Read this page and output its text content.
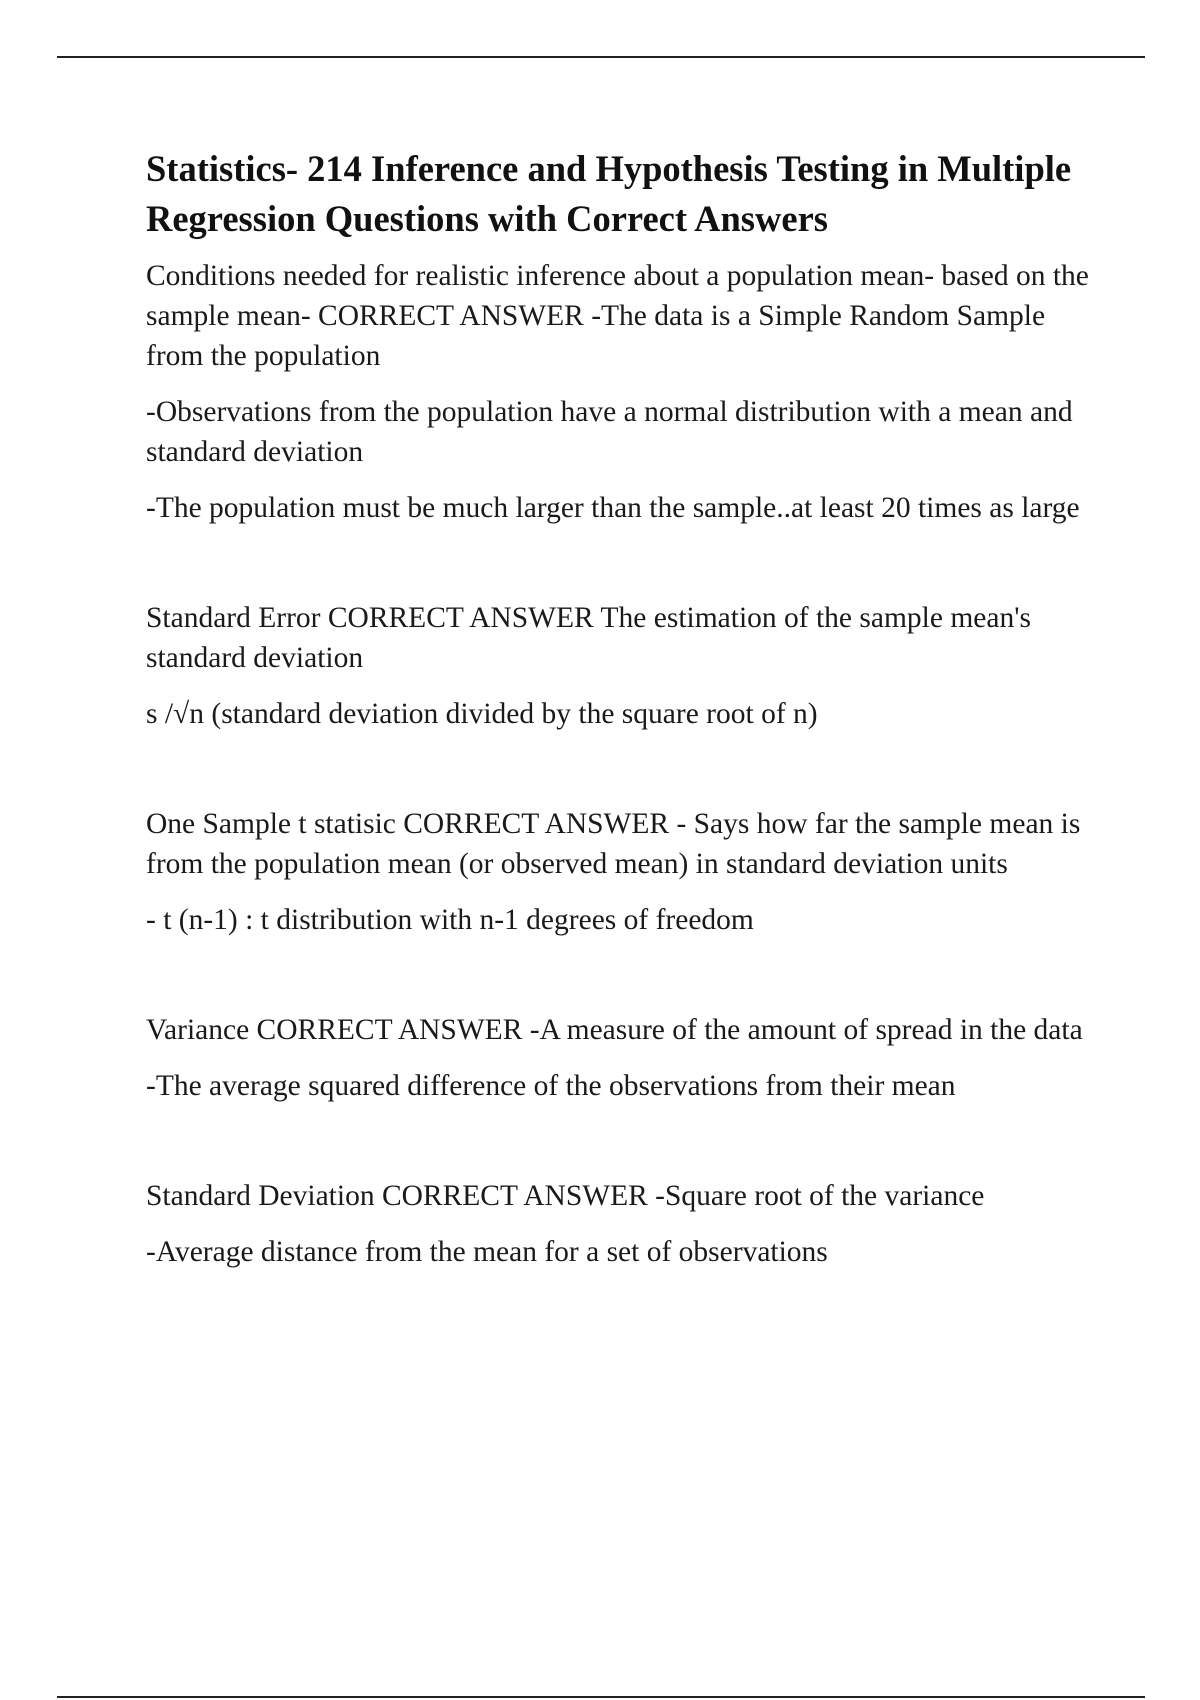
Statistics- 214 Inference and Hypothesis Testing in Multiple Regression Questions with Correct Answers

Conditions needed for realistic inference about a population mean- based on the sample mean- CORRECT ANSWER -The data is a Simple Random Sample from the population

-Observations from the population have a normal distribution with a mean and standard deviation

-The population must be much larger than the sample..at least 20 times as large

Standard Error CORRECT ANSWER The estimation of the sample mean's standard deviation

s /√n (standard deviation divided by the square root of n)

One Sample t statisic CORRECT ANSWER - Says how far the sample mean is from the population mean (or observed mean) in standard deviation units

- t (n-1) : t distribution with n-1 degrees of freedom

Variance CORRECT ANSWER -A measure of the amount of spread in the data

-The average squared difference of the observations from their mean

Standard Deviation CORRECT ANSWER -Square root of the variance

-Average distance from the mean for a set of observations
